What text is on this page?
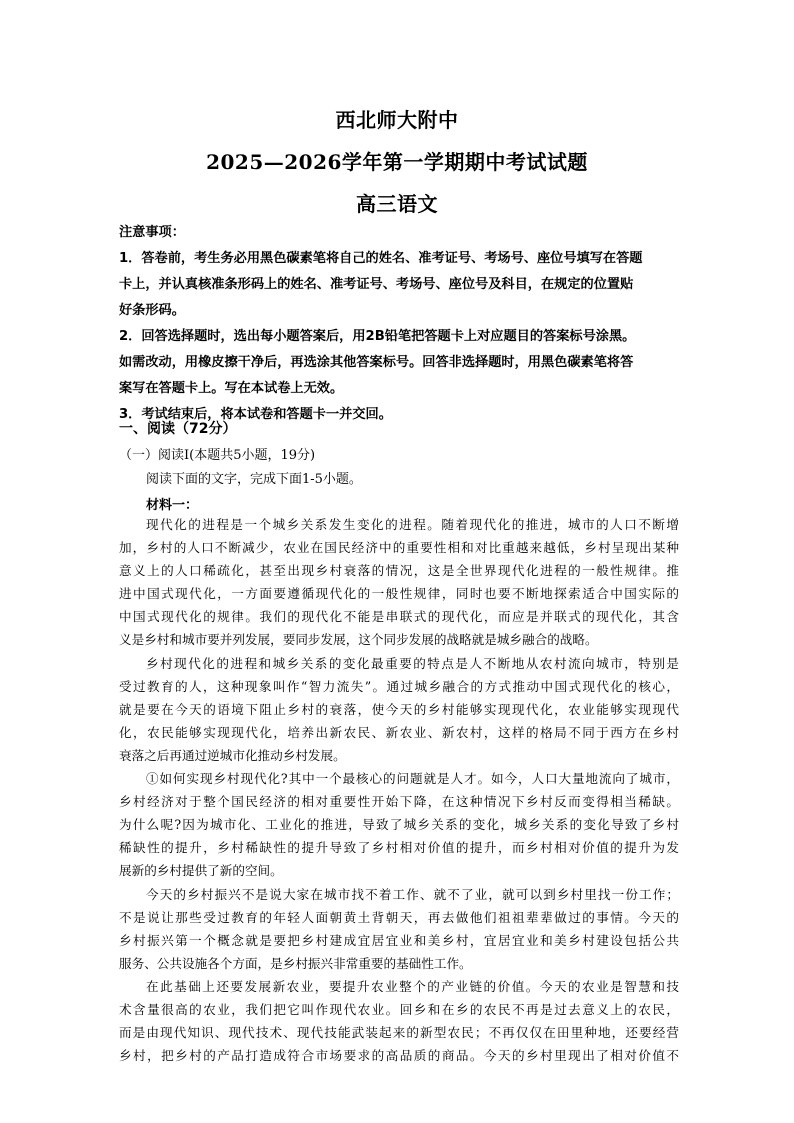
西北师大附中
2025—2026学年第一学期期中考试试题
高三语文
注意事项：
1．答卷前，考生务必用黑色碳素笔将自己的姓名、准考证号、考场号、座位号填写在答题
卡上，并认真核准条形码上的姓名、准考证号、考场号、座位号及科目，在规定的位置贴
好条形码。
2．回答选择题时，选出每小题答案后，用2B铅笔把答题卡上对应题目的答案标号涂黑。
如需改动，用橡皮擦干净后，再选涂其他答案标号。回答非选择题时，用黑色碳素笔将答
案写在答题卡上。写在本试卷上无效。
3．考试结束后，将本试卷和答题卡一并交回。
一、阅读（72分）
（一）阅读Ⅰ(本题共5小题，19分)
阅读下面的文字，完成下面1-5小题。
材料一：
现代化的进程是一个城乡关系发生变化的进程。随着现代化的推进，城市的人口不断增
加，乡村的人口不断减少，农业在国民经济中的重要性相和对比重越来越低，乡村呈现出某种
意义上的人口稀疏化，甚至出现乡村衰落的情况，这是全世界现代化进程的一般性规律。推
进中国式现代化，一方面要遵循现代化的一般性规律，同时也要不断地探索适合中国实际的
中国式现代化的规律。我们的现代化不能是串联式的现代化，而应是并联式的现代化，其含
义是乡村和城市要并列发展，要同步发展，这个同步发展的战略就是城乡融合的战略。
乡村现代化的进程和城乡关系的变化最重要的特点是人不断地从农村流向城市，特别是
受过教育的人，这种现象叫作“智力流失”。通过城乡融合的方式推动中国式现代化的核心，
就是要在今天的语境下阻止乡村的衰落，使今天的乡村能够实现现代化，农业能够实现现代
化，农民能够实现现代化，培养出新农民、新农业、新农村，这样的格局不同于西方在乡村
衰落之后再通过逆城市化推动乡村发展。
①如何实现乡村现代化?其中一个最核心的问题就是人才。如今，人口大量地流向了城市，
乡村经济对于整个国民经济的相对重要性开始下降，在这种情况下乡村反而变得相当稀缺。
为什么呢?因为城市化、工业化的推进，导致了城乡关系的变化，城乡关系的变化导致了乡村
稀缺性的提升，乡村稀缺性的提升导致了乡村相对价值的提升，而乡村相对价值的提升为发
展新的乡村提供了新的空间。
今天的乡村振兴不是说大家在城市找不着工作、就不了业，就可以到乡村里找一份工作；
不是说让那些受过教育的年轻人面朝黄土背朝天，再去做他们祖祖辈辈做过的事情。今天的
乡村振兴第一个概念就是要把乡村建成宜居宜业和美乡村，宜居宜业和美乡村建设包括公共
服务、公共设施各个方面，是乡村振兴非常重要的基础性工作。
在此基础上还要发展新农业，要提升农业整个的产业链的价值。今天的农业是智慧和技
术含量很高的农业，我们把它叫作现代农业。回乡和在乡的农民不再是过去意义上的农民，
而是由现代知识、现代技术、现代技能武装起来的新型农民；不再仅仅在田里种地，还要经营
乡村，把乡村的产品打造成符合市场要求的高品质的商品。今天的乡村里现出了相对价值不
